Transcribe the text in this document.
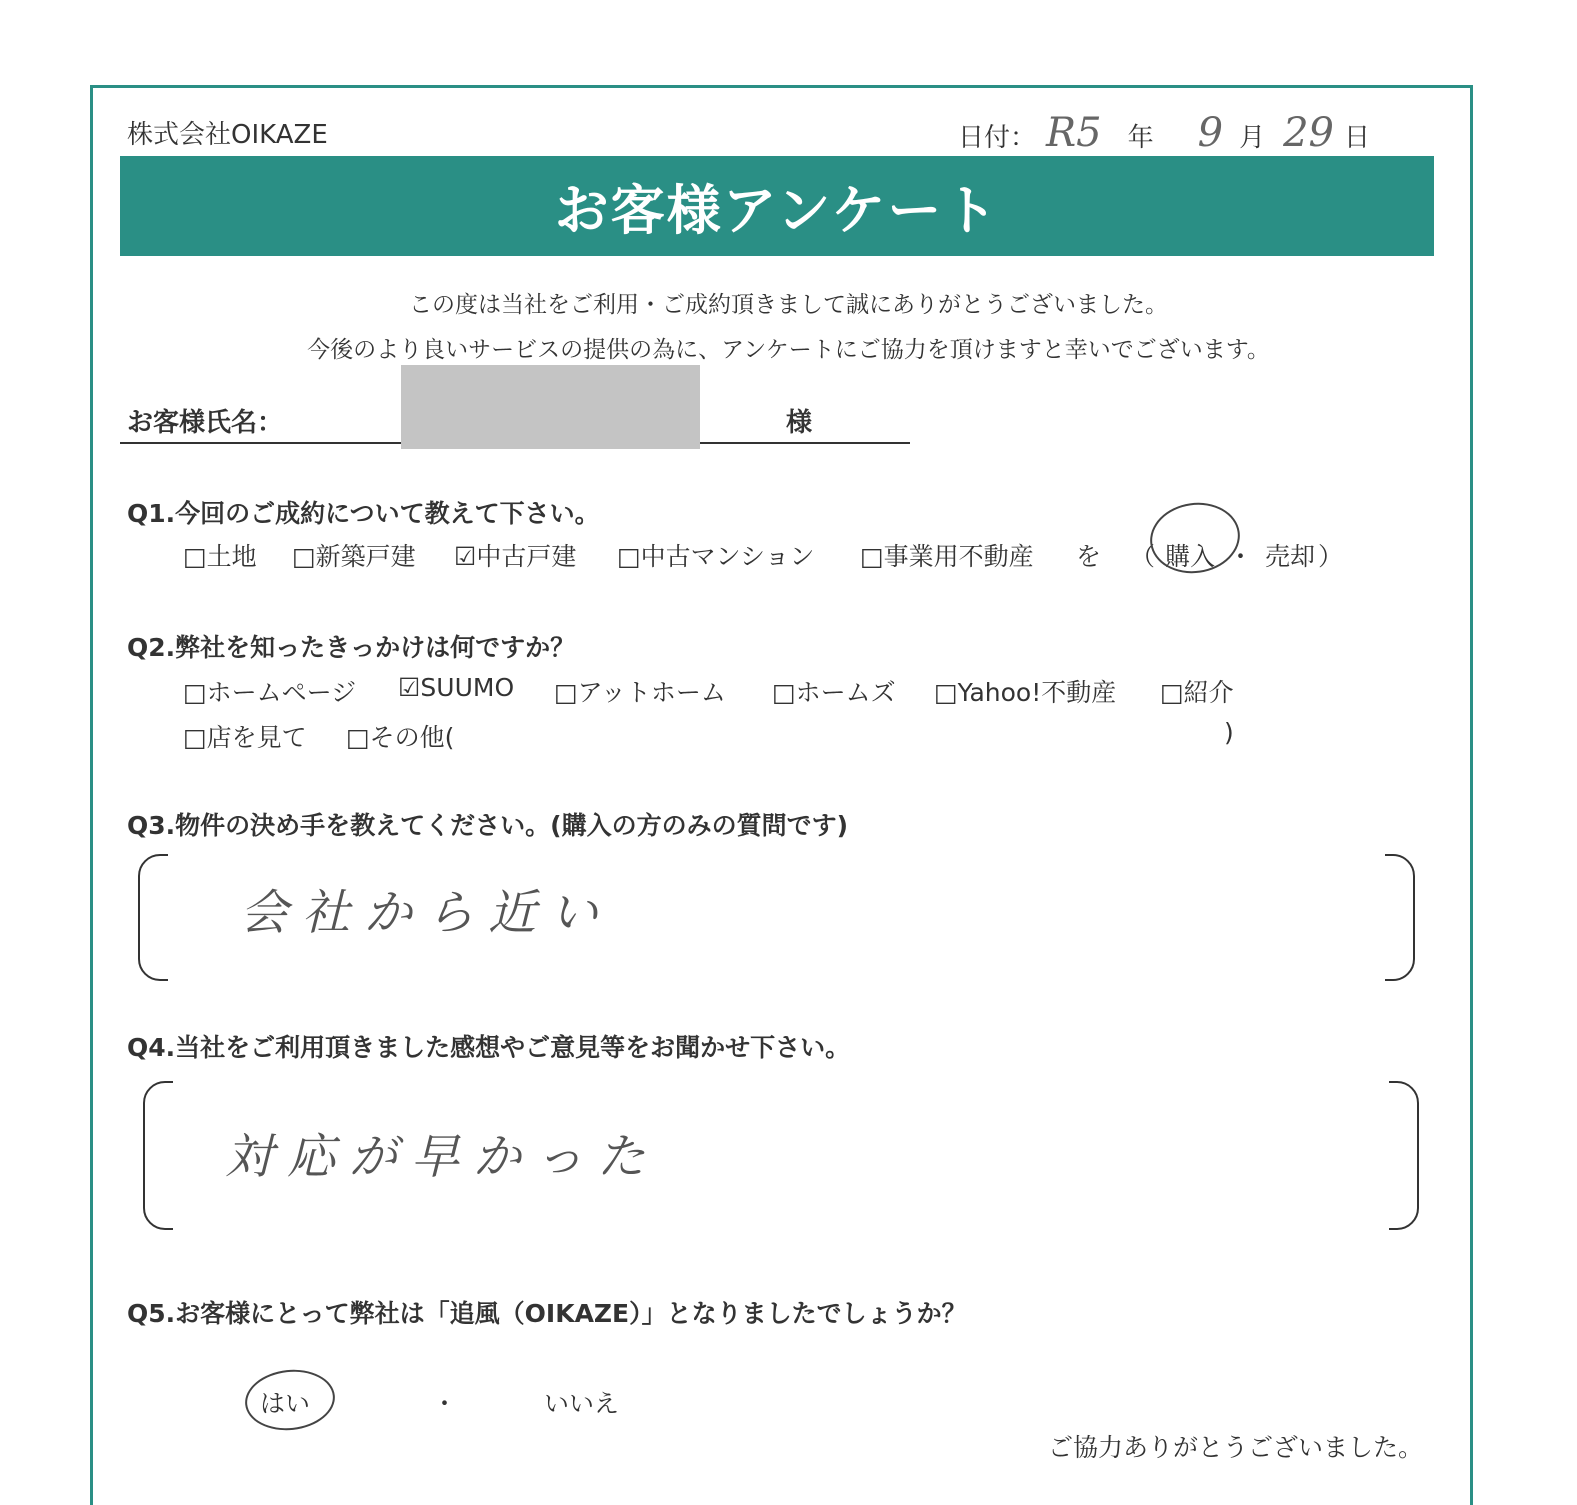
株式会社OIKAZE	日付： R5 年 9 月 29 日
お客様アンケート
この度は当社をご利用・ご成約頂きまして誠にありがとうございました。
今後のより良いサービスの提供の為に、アンケートにご協力を頂けますと幸いでございます。
お客様氏名：	様
Q1.今回のご成約について教えて下さい。
□土地 □新築戸建 ☑中古戸建 □中古マンション □事業用不動産 を （ 購入 ・ 売却 ）
Q2.弊社を知ったきっかけは何ですか？
□ホームページ ☑SUUMO □アットホーム □ホームズ □Yahoo!不動産 □紹介
□店を見て □その他(	)
Q3.物件の決め手を教えてください。(購入の方のみの質問です)
会社から近い
Q4.当社をご利用頂きました感想やご意見等をお聞かせ下さい。
対応が早かった
Q5.お客様にとって弊社は「追風（OIKAZE）」となりましたでしょうか？
はい	・	いいえ
ご協力ありがとうございました。
